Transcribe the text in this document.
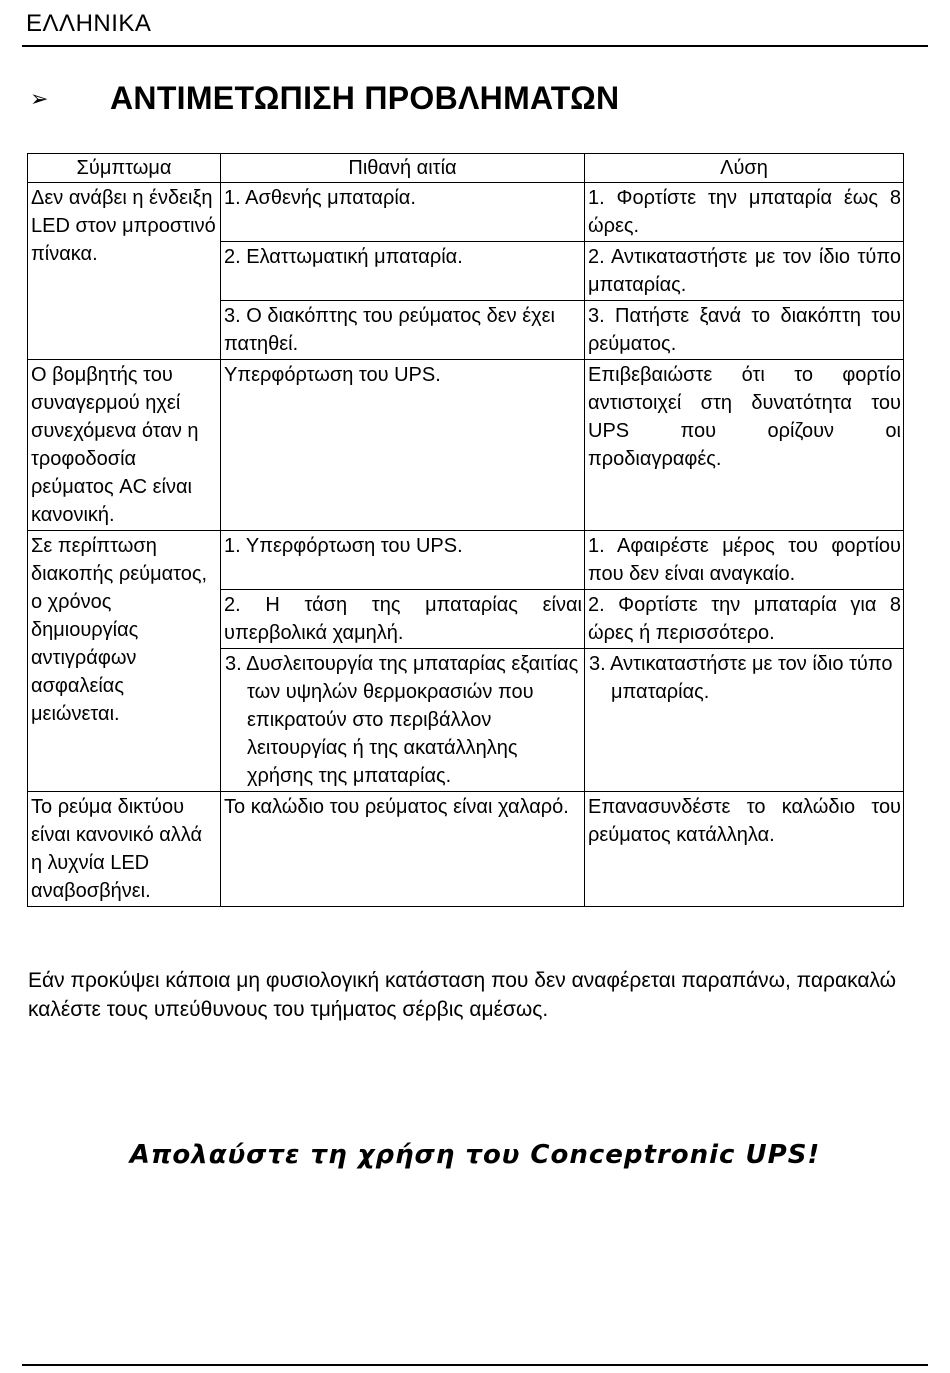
ΕΛΛΗΝΙΚΑ
➢	ΑΝΤΙΜΕΤΩΠΙΣΗ ΠΡΟΒΛΗΜΑΤΩΝ
Σύμπτωμα	Πιθανή αιτία	Λύση
Δεν ανάβει η ένδειξη LED στον μπροστινό πίνακα.	1. Ασθενής μπαταρία.	1. Φορτίστε την μπαταρία έως 8 ώρες.
	2. Ελαττωματική μπαταρία.	2. Αντικαταστήστε με τον ίδιο τύπο μπαταρίας.
	3. Ο διακόπτης του ρεύματος δεν έχει πατηθεί.	3. Πατήστε ξανά το διακόπτη του ρεύματος.
Ο βομβητής του συναγερμού ηχεί συνεχόμενα όταν η τροφοδοσία ρεύματος AC είναι κανονική.	Υπερφόρτωση του UPS.	Επιβεβαιώστε ότι το φορτίο αντιστοιχεί στη δυνατότητα του UPS που ορίζουν οι προδιαγραφές.
Σε περίπτωση διακοπής ρεύματος, ο χρόνος δημιουργίας αντιγράφων ασφαλείας μειώνεται.	1. Υπερφόρτωση του UPS.	1. Αφαιρέστε μέρος του φορτίου που δεν είναι αναγκαίο.
	2. Η τάση της μπαταρίας είναι υπερβολικά χαμηλή.	2. Φορτίστε την μπαταρία για 8 ώρες ή περισσότερο.
	3. Δυσλειτουργία της μπαταρίας εξαιτίας των υψηλών θερμοκρασιών που επικρατούν στο περιβάλλον λειτουργίας ή της ακατάλληλης χρήσης της μπαταρίας.	3. Αντικαταστήστε με τον ίδιο τύπο μπαταρίας.
Το ρεύμα δικτύου είναι κανονικό αλλά η λυχνία LED αναβοσβήνει.	Το καλώδιο του ρεύματος είναι χαλαρό.	Επανασυνδέστε το καλώδιο του ρεύματος κατάλληλα.
Εάν προκύψει κάποια μη φυσιολογική κατάσταση που δεν αναφέρεται παραπάνω, παρακαλώ καλέστε τους υπεύθυνους του τμήματος σέρβις αμέσως.
Απολαύστε τη χρήση του Conceptronic UPS!
